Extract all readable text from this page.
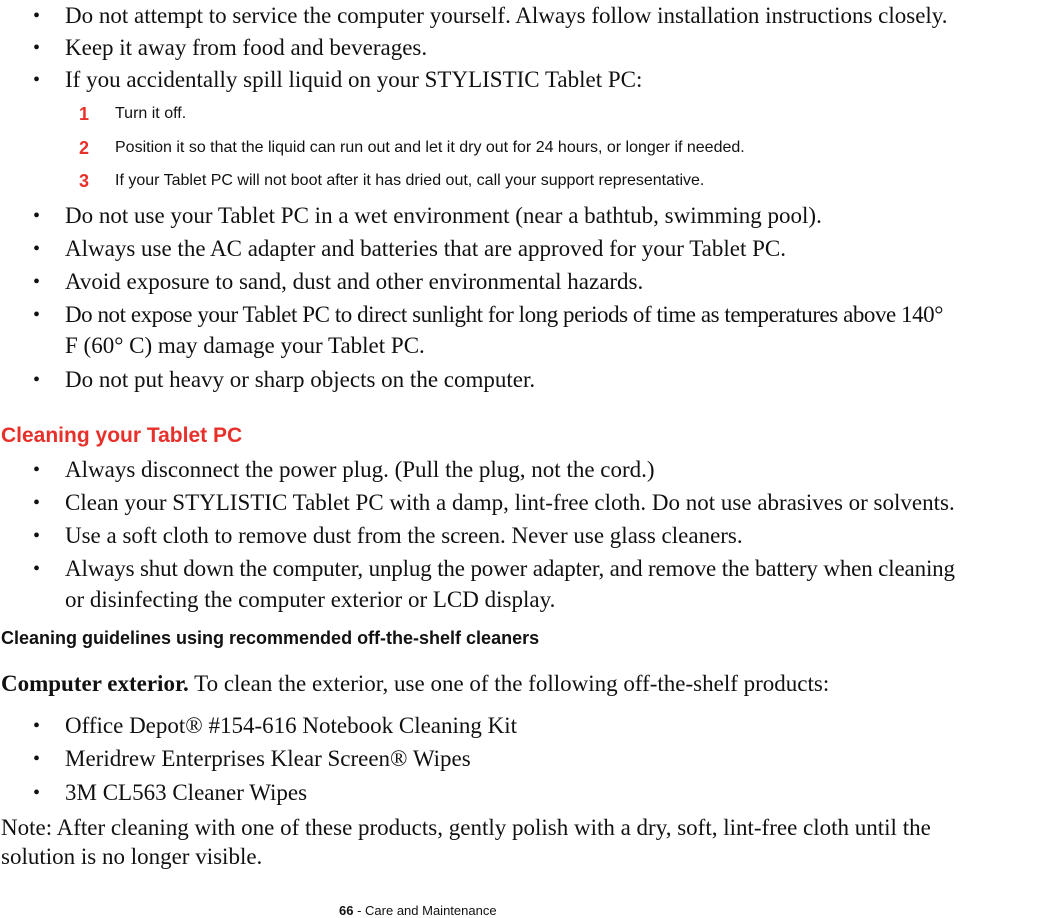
• Do not attempt to service the computer yourself. Always follow installation instructions closely.
• Keep it away from food and beverages.
• If you accidentally spill liquid on your STYLISTIC Tablet PC:
1 Turn it off.
2 Position it so that the liquid can run out and let it dry out for 24 hours, or longer if needed.
3 If your Tablet PC will not boot after it has dried out, call your support representative.
• Do not use your Tablet PC in a wet environment (near a bathtub, swimming pool).
• Always use the AC adapter and batteries that are approved for your Tablet PC.
• Avoid exposure to sand, dust and other environmental hazards.
• Do not expose your Tablet PC to direct sunlight for long periods of time as temperatures above 140°
F (60° C) may damage your Tablet PC.
• Do not put heavy or sharp objects on the computer.
Cleaning your Tablet PC
• Always disconnect the power plug. (Pull the plug, not the cord.)
• Clean your STYLISTIC Tablet PC with a damp, lint-free cloth. Do not use abrasives or solvents.
• Use a soft cloth to remove dust from the screen. Never use glass cleaners.
• Always shut down the computer, unplug the power adapter, and remove the battery when cleaning
or disinfecting the computer exterior or LCD display.
Cleaning guidelines using recommended off-the-shelf cleaners
Computer exterior. To clean the exterior, use one of the following off-the-shelf products:
• Office Depot® #154-616 Notebook Cleaning Kit
• Meridrew Enterprises Klear Screen® Wipes
• 3M CL563 Cleaner Wipes
Note: After cleaning with one of these products, gently polish with a dry, soft, lint-free cloth until the
solution is no longer visible.
66 - Care and Maintenance
